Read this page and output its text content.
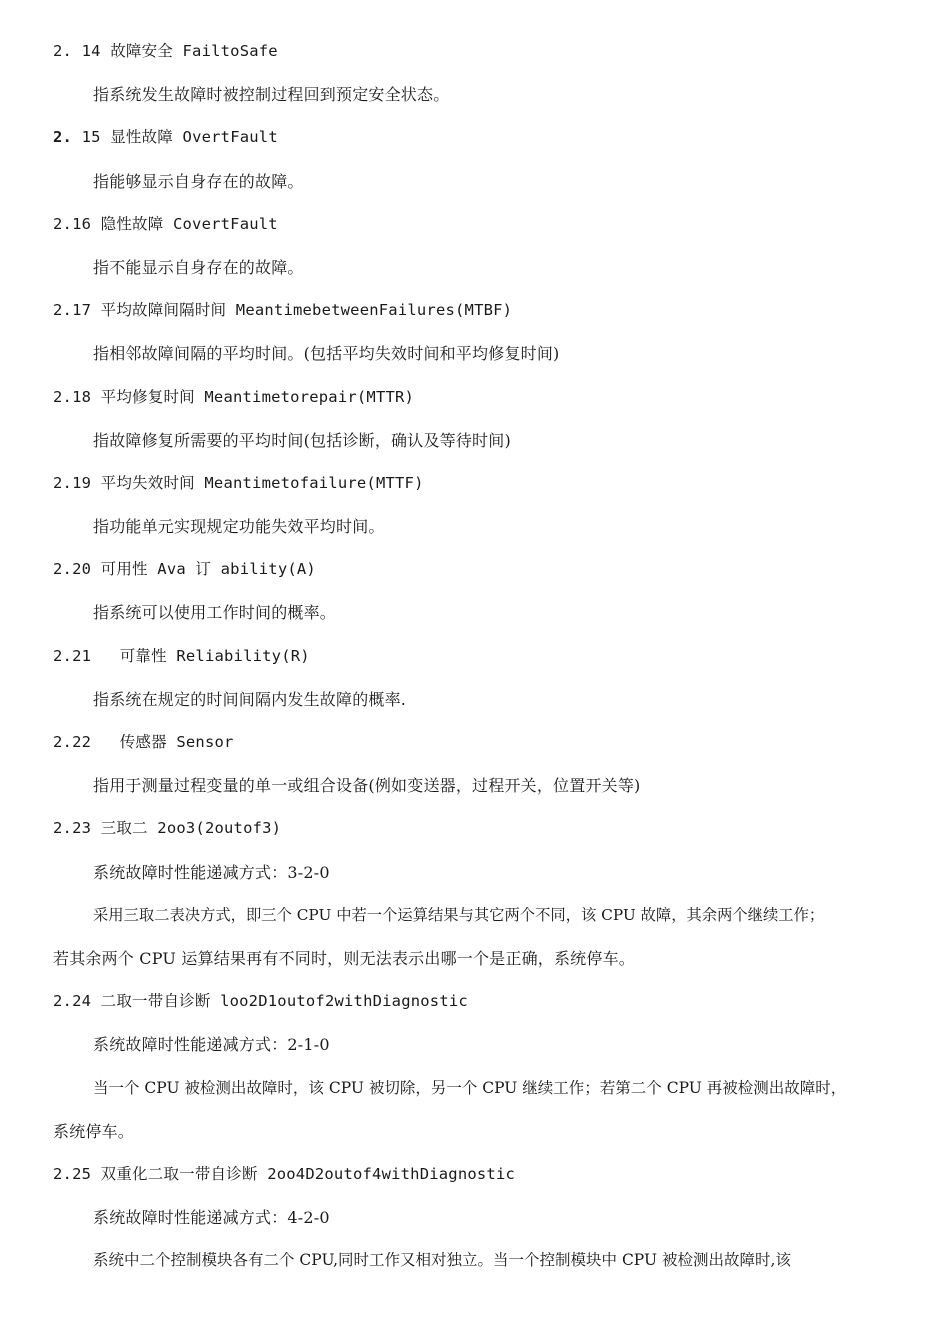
2. 14 故障安全 FailtoSafe
指系统发生故障时被控制过程回到预定安全状态。
2. 15 显性故障 OvertFault
指能够显示自身存在的故障。
2.16 隐性故障 CovertFault
指不能显示自身存在的故障。
2.17 平均故障间隔时间 MeantimebetweenFailures(MTBF)
指相邻故障间隔的平均时间。(包括平均失效时间和平均修复时间)
2.18 平均修复时间 Meantimetorepair(MTTR)
指故障修复所需要的平均时间(包括诊断，确认及等待时间)
2.19 平均失效时间 Meantimetofailure(MTTF)
指功能单元实现规定功能失效平均时间。
2.20 可用性 Ava 订 ability(A)
指系统可以使用工作时间的概率。
2.21   可靠性 Reliability(R)
指系统在规定的时间间隔内发生故障的概率.
2.22   传感器 Sensor
指用于测量过程变量的单一或组合设备(例如变送器，过程开关，位置开关等)
2.23 三取二 2oo3(2outof3)
系统故障时性能递减方式：3-2-0
采用三取二表决方式，即三个 CPU 中若一个运算结果与其它两个不同，该 CPU 故障，其余两个继续工作；
若其余两个 CPU 运算结果再有不同时，则无法表示出哪一个是正确，系统停车。
2.24 二取一带自诊断 loo2D1outof2withDiagnostic
系统故障时性能递减方式：2-1-0
当一个 CPU 被检测出故障时，该 CPU 被切除，另一个 CPU 继续工作；若第二个 CPU 再被检测出故障时，
系统停车。
2.25 双重化二取一带自诊断 2oo4D2outof4withDiagnostic
系统故障时性能递减方式：4-2-0
系统中二个控制模块各有二个 CPU,同时工作又相对独立。当一个控制模块中 CPU 被检测出故障时,该
